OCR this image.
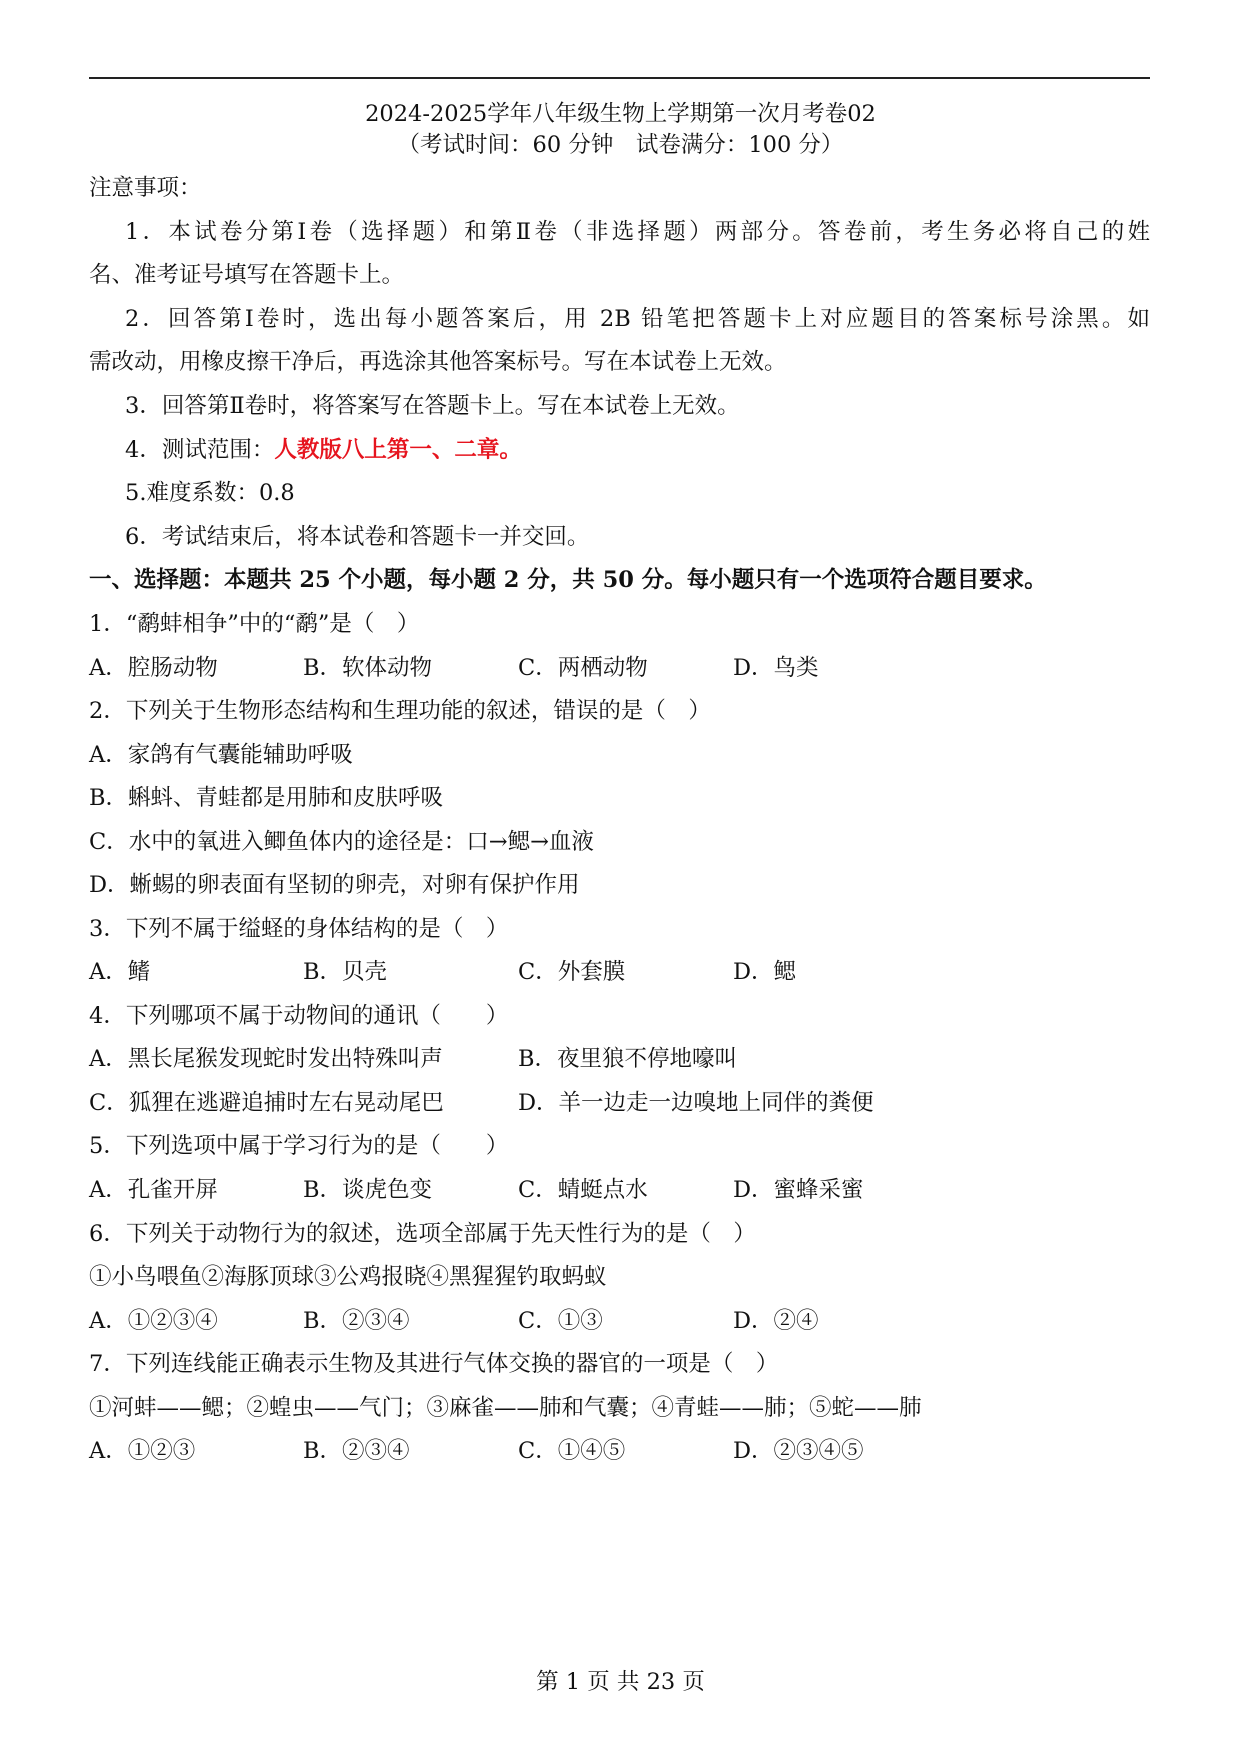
2024-2025学年八年级生物上学期第一次月考卷02
（考试时间：60 分钟　试卷满分：100 分）
注意事项：
1．本试卷分第Ⅰ卷（选择题）和第Ⅱ卷（非选择题）两部分。答卷前，考生务必将自己的姓
名、准考证号填写在答题卡上。
2．回答第Ⅰ卷时，选出每小题答案后，用 2B 铅笔把答题卡上对应题目的答案标号涂黑。如
需改动，用橡皮擦干净后，再选涂其他答案标号。写在本试卷上无效。
3．回答第Ⅱ卷时，将答案写在答题卡上。写在本试卷上无效。
4．测试范围：人教版八上第一、二章。
5.难度系数：0.8
6．考试结束后，将本试卷和答题卡一并交回。
一、选择题：本题共 25 个小题，每小题 2 分，共 50 分。每小题只有一个选项符合题目要求。
1．“鹬蚌相争”中的“鹬”是（　）
A．腔肠动物	B．软体动物	C．两栖动物	D．鸟类
2．下列关于生物形态结构和生理功能的叙述，错误的是（　）
A．家鸽有气囊能辅助呼吸
B．蝌蚪、青蛙都是用肺和皮肤呼吸
C．水中的氧进入鲫鱼体内的途径是：口→鳃→血液
D．蜥蜴的卵表面有坚韧的卵壳，对卵有保护作用
3．下列不属于缢蛏的身体结构的是（　）
A．鳍	B．贝壳	C．外套膜	D．鳃
4．下列哪项不属于动物间的通讯（　　）
A．黑长尾猴发现蛇时发出特殊叫声	B．夜里狼不停地嚎叫
C．狐狸在逃避追捕时左右晃动尾巴	D．羊一边走一边嗅地上同伴的粪便
5．下列选项中属于学习行为的是（　　）
A．孔雀开屏	B．谈虎色变	C．蜻蜓点水	D．蜜蜂采蜜
6．下列关于动物行为的叙述，选项全部属于先天性行为的是（　）
①小鸟喂鱼②海豚顶球③公鸡报晓④黑猩猩钓取蚂蚁
A．①②③④	B．②③④	C．①③	D．②④
7．下列连线能正确表示生物及其进行气体交换的器官的一项是（　）
①河蚌——鳃；②蝗虫——气门；③麻雀——肺和气囊；④青蛙——肺；⑤蛇——肺
A．①②③	B．②③④	C．①④⑤	D．②③④⑤
第 1 页 共 23 页
